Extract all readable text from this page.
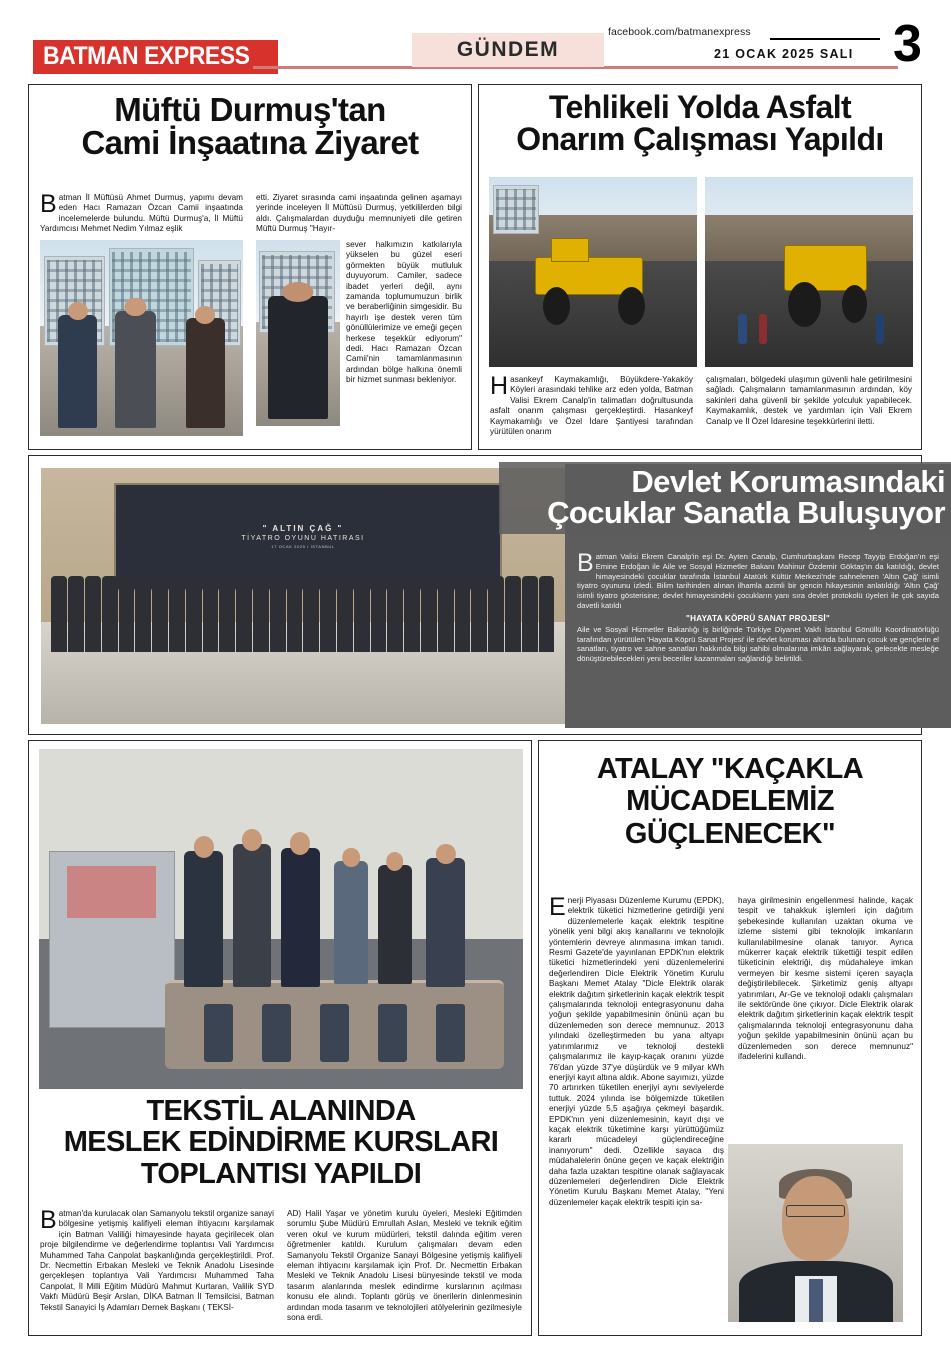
BATMAN EXPRESS	GÜNDEM
facebook.com/batmanexpress
21 OCAK 2025 SALI 3
Müftü Durmuş'tan
Cami İnşaatına Ziyaret
Batman İl Müftüsü Ahmet Durmuş, yapımı devam eden Hacı Ramazan Özcan Camii inşaatında incelemelerde bulundu. Müftü Durmuş'a, İl Müftü Yardımcısı Mehmet Nedim Yılmaz eşlik
etti. Ziyaret sırasında cami inşaatında gelinen aşamayı yerinde inceleyen İl Müftüsü Durmuş, yetkililerden bilgi aldı. Çalışmalardan duyduğu memnuniyeti dile getiren Müftü Durmuş "Hayır-
sever halkımızın katkılarıyla yükselen bu güzel eseri görmekten büyük mutluluk duyuyorum. Camiler, sadece ibadet yerleri değil, aynı zamanda toplumumuzun birlik ve beraberliğinin simgesidir. Bu hayırlı işe destek veren tüm gönüllülerimize ve emeği geçen herkese teşekkür ediyorum" dedi. Hacı Ramazan Özcan Camii'nin tamamlanmasının ardından bölge halkına önemli bir hizmet sunması bekleniyor.
Tehlikeli Yolda Asfalt
Onarım Çalışması Yapıldı
Hasankeyf Kaymakamlığı, Büyükdere-Yakaköy Köyleri arasındaki tehlike arz eden yolda, Batman Valisi Ekrem Canalp'in talimatları doğrultusunda asfalt onarım çalışması gerçekleştirdi. Hasankeyf Kaymakamlığı ve Özel İdare Şantiyesi tarafından yürütülen onarım
çalışmaları, bölgedeki ulaşımın güvenli hale getirilmesini sağladı. Çalışmaların tamamlanmasının ardından, köy sakinleri daha güvenli bir şekilde yolculuk yapabilecek. Kaymakamlık, destek ve yardımları için Vali Ekrem Canalp ve İl Özel İdaresine teşekkürlerini iletti.
" ALTIN ÇAĞ "
TİYATRO OYUNU HATIRASI
17 OCAK 2025 / İSTANBUL
Devlet Korumasındaki
Çocuklar Sanatla Buluşuyor
Batman Valisi Ekrem Canalp'in eşi Dr. Ayten Canalp, Cumhurbaşkanı Recep Tayyip Erdoğan'ın eşi Emine Erdoğan ile Aile ve Sosyal Hizmetler Bakanı Mahinur Özdemir Göktaş'ın da katıldığı, devlet himayesindeki çocuklar tarafında İstanbul Atatürk Kültür Merkezi'nde sahnelenen 'Altın Çağ' isimli tiyatro oyununu izledi. Bilim tarihinden alınan ilhamla azimli bir gencin hikayesinin anlatıldığı 'Altın Çağ' isimli tiyatro gösterisine; devlet himayesindeki çocukların yanı sıra devlet protokolü üyeleri ile çok sayıda davetli katıldı
"HAYATA KÖPRÜ SANAT PROJESİ"
Aile ve Sosyal Hizmetler Bakanlığı iş birliğinde Türkiye Diyanet Vakfı İstanbul Gönüllü Koordinatörlüğü tarafından yürütülen 'Hayata Köprü Sanat Projesi' ile devlet koruması altında bulunan çocuk ve gençlerin el sanatları, tiyatro ve sahne sanatları hakkında bilgi sahibi olmalarına imkân sağlayarak, gelecekte mesleğe dönüştürebilecekleri yeni beceriler kazanmaları sağlandığı belirtildi.
TEKSTİL ALANINDA
MESLEK EDİNDİRME KURSLARI
TOPLANTISI YAPILDI
Batman'da kurulacak olan Samanyolu tekstil organize sanayi bölgesine yetişmiş kalifiyeli eleman ihtiyacını karşılamak için Batman Valiliği himayesinde hayata geçirilecek olan proje bilgilendirme ve değerlendirme toplantısı Vali Yardımcısı Muhammed Taha Canpolat başkanlığında gerçekleştirildi. Prof. Dr. Necmettin Erbakan Mesleki ve Teknik Anadolu Lisesinde gerçekleşen toplantıya Vali Yardımcısı Muhammed Taha Canpolat, İl Milli Eğitim Müdürü Mahmut Kurtaran, Valilik SYD Vakfı Müdürü Beşir Arslan, DİKA Batman İl Temsilcisi, Batman Tekstil Sanayici İş Adamları Dernek Başkanı ( TEKSİ-
AD) Halil Yaşar ve yönetim kurulu üyeleri, Mesleki Eğitimden sorumlu Şube Müdürü Emrullah Aslan, Mesleki ve teknik eğitim veren okul ve kurum müdürleri, tekstil dalında eğitim veren öğretmenler katıldı. Kurulum çalışmaları devam eden Samanyolu Tekstil Organize Sanayi Bölgesine yetişmiş kalifiyeli eleman ihtiyacını karşılamak için Prof. Dr. Necmettin Erbakan Mesleki ve Teknik Anadolu Lisesi bünyesinde tekstil ve moda tasarım alanlarında meslek edindirme kurslarının açılması konusu ele alındı. Toplantı görüş ve önerilerin dinlenmesinin ardından moda tasarım ve teknolojileri atölyelerinin gezilmesiyle sona erdi.
ATALAY "KAÇAKLA
MÜCADELEMİZ
GÜÇLENECEK"
Enerji Piyasası Düzenleme Kurumu (EPDK), elektrik tüketici hizmetlerine getirdiği yeni düzenlemelerle kaçak elektrik tespitine yönelik yeni bilgi akış kanallarını ve teknolojik yöntemlerin devreye alınmasına imkan tanıdı. Resmi Gazete'de yayınlanan EPDK'nın elektrik tüketici hizmetlerindeki yeni düzenlemelerini değerlendiren Dicle Elektrik Yönetim Kurulu Başkanı Memet Atalay "Dicle Elektrik olarak elektrik dağıtım şirketlerinin kaçak elektrik tespit çalışmalarında teknoloji entegrasyonunu daha yoğun şekilde yapabilmesinin önünü açan bu düzenlemeden son derece memnunuz. 2013 yılındaki özelleştirmeden bu yana altyapı yatırımlarımız ve teknoloji destekli çalışmalarımız ile kayıp-kaçak oranını yüzde 76'dan yüzde 37'ye düşürdük ve 9 milyar kWh enerjiyi kayıt altına aldık. Abone sayımızı, yüzde 70 artırırken tüketilen enerjiyi aynı seviyelerde tuttuk. 2024 yılında ise bölgemizde tüketilen enerjiyi yüzde 5,5 aşağıya çekmeyi başardık. EPDK'nın yeni düzenlemesinin, kayıt dışı ve kaçak elektrik tüketimine karşı yürüttüğümüz kararlı mücadeleyi güçlendireceğine inanıyorum" dedi. Özellikle sayaca dış müdahalelerin önüne geçen ve kaçak elektriğin daha fazla uzaktan tespitine olanak sağlayacak düzenlemeleri değerlendiren Dicle Elektrik Yönetim Kurulu Başkanı Memet Atalay, "Yeni düzenlemeler kaçak elektrik tespiti için sa-
haya girilmesinin engellenmesi halinde, kaçak tespit ve tahakkuk işlemleri için dağıtım şebekesinde kullanılan uzaktan okuma ve izleme sistemi gibi teknolojik imkanların kullanılabilmesine olanak tanıyor. Ayrıca mükerrer kaçak elektrik tükettiği tespit edilen tüketicinin elektriği, dış müdahaleye imkan vermeyen bir kesme sistemi içeren sayaçla değiştirilebilecek. Şirketimiz geniş altyapı yatırımları, Ar-Ge ve teknoloji odaklı çalışmaları ile sektöründe öne çıkıyor. Dicle Elektrik olarak elektrik dağıtım şirketlerinin kaçak elektrik tespit çalışmalarında teknoloji entegrasyonunu daha yoğun şekilde yapabilmesinin önünü açan bu düzenlemeden son derece memnunuz" ifadelerini kullandı.
